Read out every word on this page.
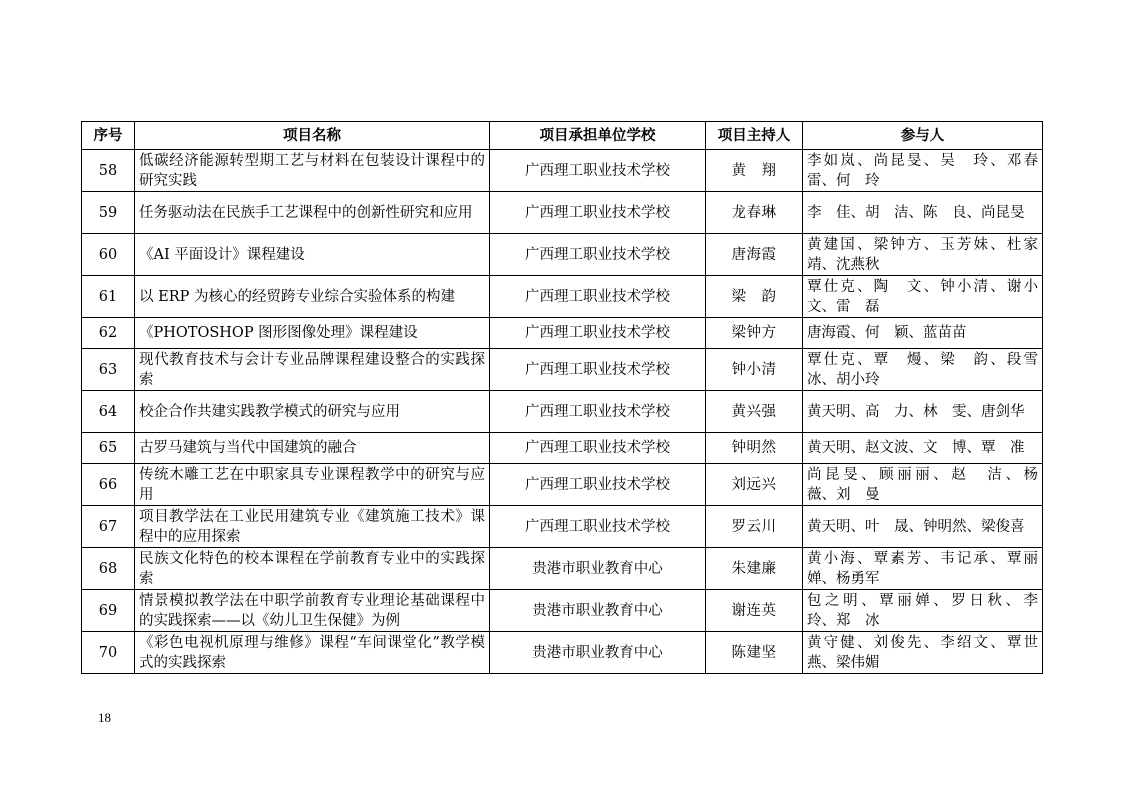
序号	项目名称	项目承担单位学校	项目主持人	参与人
58	低碳经济能源转型期工艺与材料在包装设计课程中的研究实践	广西理工职业技术学校	黄　翔	李如岚、尚昆旻、吴　玲、邓春雷、何　玲
59	任务驱动法在民族手工艺课程中的创新性研究和应用	广西理工职业技术学校	龙春琳	李　佳、胡　洁、陈　良、尚昆旻
60	《AI 平面设计》课程建设	广西理工职业技术学校	唐海霞	黄建国、梁钟方、玉芳妹、杜家靖、沈燕秋
61	以 ERP 为核心的经贸跨专业综合实验体系的构建	广西理工职业技术学校	梁　韵	覃仕克、陶　文、钟小清、谢小文、雷　磊
62	《PHOTOSHOP 图形图像处理》课程建设	广西理工职业技术学校	梁钟方	唐海霞、何　颖、蓝苗苗
63	现代教育技术与会计专业品牌课程建设整合的实践探索	广西理工职业技术学校	钟小清	覃仕克、覃　熳、梁　韵、段雪冰、胡小玲
64	校企合作共建实践教学模式的研究与应用	广西理工职业技术学校	黄兴强	黄天明、高　力、林　雯、唐剑华
65	古罗马建筑与当代中国建筑的融合	广西理工职业技术学校	钟明然	黄天明、赵文波、文　博、覃　准
66	传统木雕工艺在中职家具专业课程教学中的研究与应用	广西理工职业技术学校	刘远兴	尚昆旻、顾丽丽、赵　洁、杨　薇、刘　曼
67	项目教学法在工业民用建筑专业《建筑施工技术》课程中的应用探索	广西理工职业技术学校	罗云川	黄天明、叶　晟、钟明然、梁俊喜
68	民族文化特色的校本课程在学前教育专业中的实践探索	贵港市职业教育中心	朱建廉	黄小海、覃素芳、韦记承、覃丽婵、杨勇军
69	情景模拟教学法在中职学前教育专业理论基础课程中的实践探索——以《幼儿卫生保健》为例	贵港市职业教育中心	谢连英	包之明、覃丽婵、罗日秋、李　玲、郑　冰
70	《彩色电视机原理与维修》课程“车间课堂化”教学模式的实践探索	贵港市职业教育中心	陈建坚	黄守健、刘俊先、李绍文、覃世燕、梁伟媚
18
